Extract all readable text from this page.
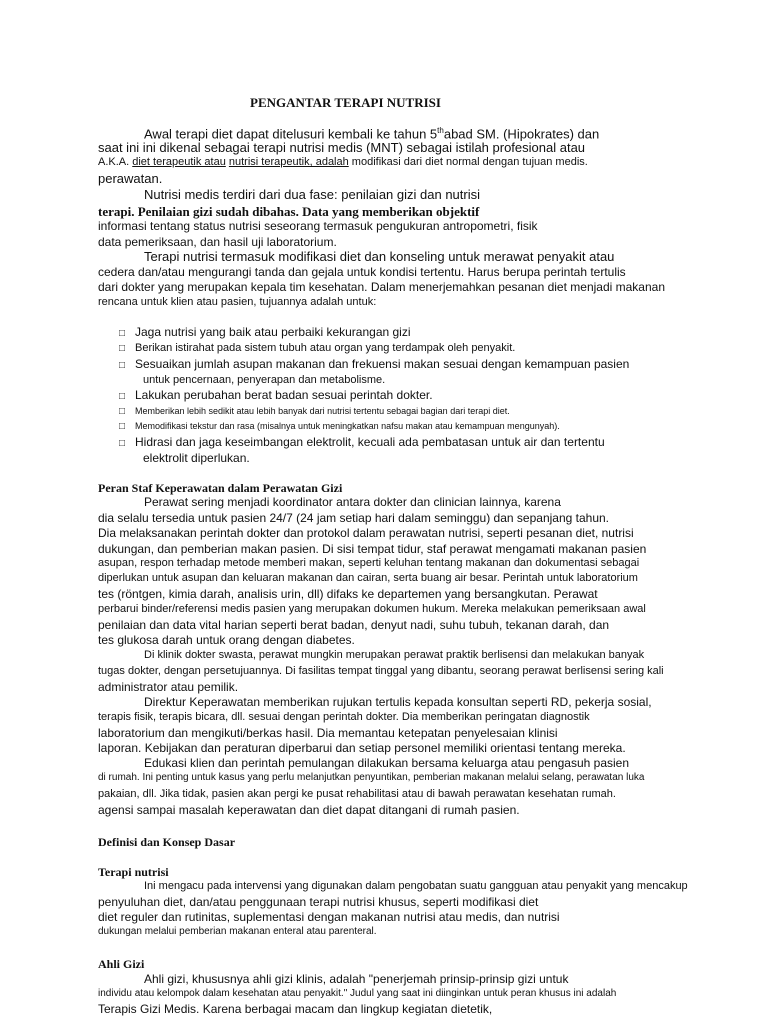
PENGANTAR TERAPI NUTRISI
Awal terapi diet dapat ditelusuri kembali ke tahun 5thabad SM. (Hipokrates) dan
saat ini ini dikenal sebagai terapi nutrisi medis (MNT) sebagai istilah profesional atau
A.K.A. diet terapeutik atau nutrisi terapeutik, adalah modifikasi dari diet normal dengan tujuan medis.
perawatan.
Nutrisi medis terdiri dari dua fase: penilaian gizi dan nutrisi
terapi. Penilaian gizi sudah dibahas. Data yang memberikan objektif
informasi tentang status nutrisi seseorang termasuk pengukuran antropometri, fisik
data pemeriksaan, dan hasil uji laboratorium.
Terapi nutrisi termasuk modifikasi diet dan konseling untuk merawat penyakit atau
cedera dan/atau mengurangi tanda dan gejala untuk kondisi tertentu. Harus berupa perintah tertulis
dari dokter yang merupakan kepala tim kesehatan. Dalam menerjemahkan pesanan diet menjadi makanan
rencana untuk klien atau pasien, tujuannya adalah untuk:
□ Jaga nutrisi yang baik atau perbaiki kekurangan gizi
□ Berikan istirahat pada sistem tubuh atau organ yang terdampak oleh penyakit.
□ Sesuaikan jumlah asupan makanan dan frekuensi makan sesuai dengan kemampuan pasien
untuk pencernaan, penyerapan dan metabolisme.
□ Lakukan perubahan berat badan sesuai perintah dokter.
□ Memberikan lebih sedikit atau lebih banyak dari nutrisi tertentu sebagai bagian dari terapi diet.
□ Memodifikasi tekstur dan rasa (misalnya untuk meningkatkan nafsu makan atau kemampuan mengunyah).
□ Hidrasi dan jaga keseimbangan elektrolit, kecuali ada pembatasan untuk air dan tertentu
elektrolit diperlukan.
Peran Staf Keperawatan dalam Perawatan Gizi
Perawat sering menjadi koordinator antara dokter dan clinician lainnya, karena
dia selalu tersedia untuk pasien 24/7 (24 jam setiap hari dalam seminggu) dan sepanjang tahun.
Dia melaksanakan perintah dokter dan protokol dalam perawatan nutrisi, seperti pesanan diet, nutrisi
dukungan, dan pemberian makan pasien. Di sisi tempat tidur, staf perawat mengamati makanan pasien
asupan, respon terhadap metode memberi makan, seperti keluhan tentang makanan dan dokumentasi sebagai
diperlukan untuk asupan dan keluaran makanan dan cairan, serta buang air besar. Perintah untuk laboratorium
tes (röntgen, kimia darah, analisis urin, dll) difaks ke departemen yang bersangkutan. Perawat
perbarui binder/referensi medis pasien yang merupakan dokumen hukum. Mereka melakukan pemeriksaan awal
penilaian dan data vital harian seperti berat badan, denyut nadi, suhu tubuh, tekanan darah, dan
tes glukosa darah untuk orang dengan diabetes.
Di klinik dokter swasta, perawat mungkin merupakan perawat praktik berlisensi dan melakukan banyak
tugas dokter, dengan persetujuannya. Di fasilitas tempat tinggal yang dibantu, seorang perawat berlisensi sering kali
administrator atau pemilik.
Direktur Keperawatan memberikan rujukan tertulis kepada konsultan seperti RD, pekerja sosial,
terapis fisik, terapis bicara, dll. sesuai dengan perintah dokter. Dia memberikan peringatan diagnostik
laboratorium dan mengikuti/berkas hasil. Dia memantau ketepatan penyelesaian klinisi
laporan. Kebijakan dan peraturan diperbarui dan setiap personel memiliki orientasi tentang mereka.
Edukasi klien dan perintah pemulangan dilakukan bersama keluarga atau pengasuh pasien
di rumah. Ini penting untuk kasus yang perlu melanjutkan penyuntikan, pemberian makanan melalui selang, perawatan luka
pakaian, dll. Jika tidak, pasien akan pergi ke pusat rehabilitasi atau di bawah perawatan kesehatan rumah.
agensi sampai masalah keperawatan dan diet dapat ditangani di rumah pasien.
Definisi dan Konsep Dasar
Terapi nutrisi
Ini mengacu pada intervensi yang digunakan dalam pengobatan suatu gangguan atau penyakit yang mencakup
penyuluhan diet, dan/atau penggunaan terapi nutrisi khusus, seperti modifikasi diet
diet reguler dan rutinitas, suplementasi dengan makanan nutrisi atau medis, dan nutrisi
dukungan melalui pemberian makanan enteral atau parenteral.
Ahli Gizi
Ahli gizi, khususnya ahli gizi klinis, adalah "penerjemah prinsip-prinsip gizi untuk
individu atau kelompok dalam kesehatan atau penyakit." Judul yang saat ini diinginkan untuk peran khusus ini adalah
Terapis Gizi Medis. Karena berbagai macam dan lingkup kegiatan dietetik,
